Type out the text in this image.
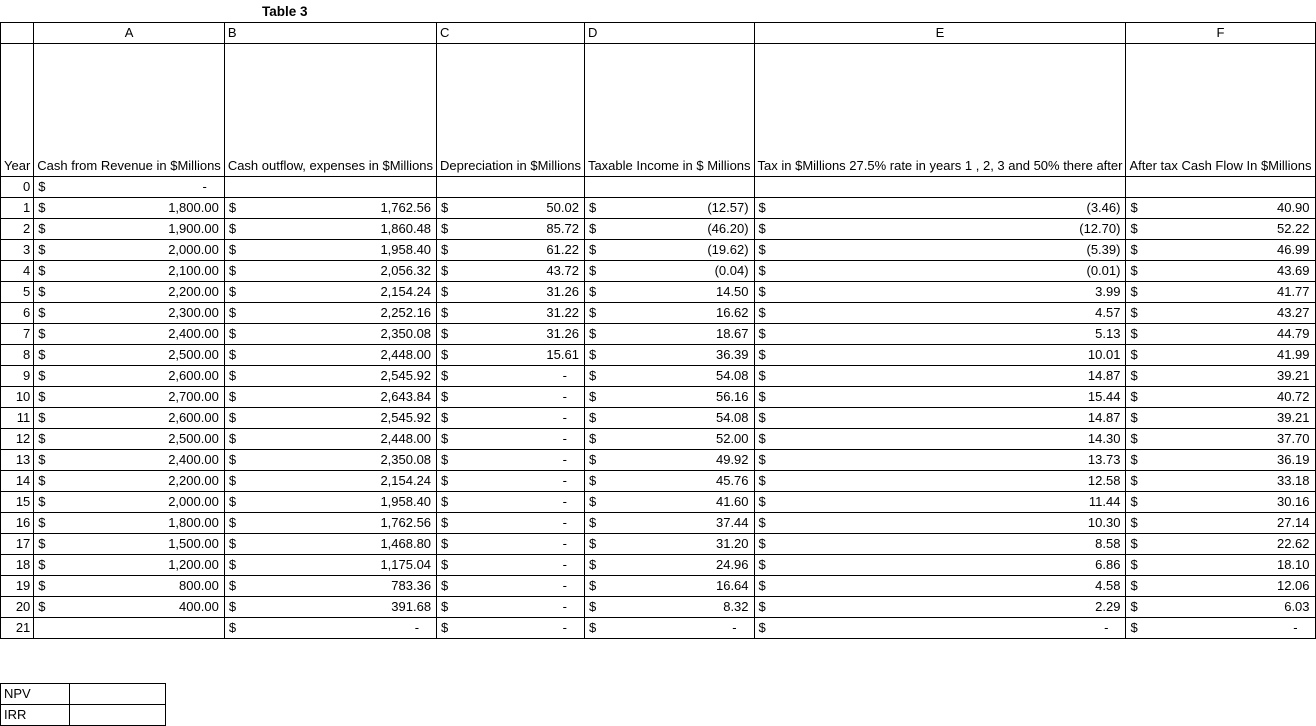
Table 3
	A	B	C	D	E	F
Year	Cash from Revenue in $Millions	Cash outflow, expenses in $Millions	Depreciation in $Millions	Taxable Income in $ Millions	Tax in $Millions 27.5% rate in years 1 , 2, 3 and 50% there after	After tax Cash Flow In $Millions
0	$ -					

1	$ 1,800.00	$ 1,762.56	$ 50.02	$ (12.57)	$ (3.46)	$ 40.90

2	$ 1,900.00	$ 1,860.48	$ 85.72	$ (46.20)	$ (12.70)	$ 52.22

3	$ 2,000.00	$ 1,958.40	$ 61.22	$ (19.62)	$ (5.39)	$ 46.99

4	$ 2,100.00	$ 2,056.32	$ 43.72	$ (0.04)	$ (0.01)	$ 43.69

5	$ 2,200.00	$ 2,154.24	$ 31.26	$ 14.50	$ 3.99	$ 41.77

6	$ 2,300.00	$ 2,252.16	$ 31.22	$ 16.62	$ 4.57	$ 43.27

7	$ 2,400.00	$ 2,350.08	$ 31.26	$ 18.67	$ 5.13	$ 44.79

8	$ 2,500.00	$ 2,448.00	$ 15.61	$ 36.39	$ 10.01	$ 41.99

9	$ 2,600.00	$ 2,545.92	$ -	$ 54.08	$ 14.87	$ 39.21

10	$ 2,700.00	$ 2,643.84	$ -	$ 56.16	$ 15.44	$ 40.72

11	$ 2,600.00	$ 2,545.92	$ -	$ 54.08	$ 14.87	$ 39.21

12	$ 2,500.00	$ 2,448.00	$ -	$ 52.00	$ 14.30	$ 37.70

13	$ 2,400.00	$ 2,350.08	$ -	$ 49.92	$ 13.73	$ 36.19

14	$ 2,200.00	$ 2,154.24	$ -	$ 45.76	$ 12.58	$ 33.18

15	$ 2,000.00	$ 1,958.40	$ -	$ 41.60	$ 11.44	$ 30.16

16	$ 1,800.00	$ 1,762.56	$ -	$ 37.44	$ 10.30	$ 27.14

17	$ 1,500.00	$ 1,468.80	$ -	$ 31.20	$ 8.58	$ 22.62

18	$ 1,200.00	$ 1,175.04	$ -	$ 24.96	$ 6.86	$ 18.10

19	$ 800.00	$ 783.36	$ -	$ 16.64	$ 4.58	$ 12.06

20	$ 400.00	$ 391.68	$ -	$ 8.32	$ 2.29	$ 6.03

21		$ -	$ -	$ -	$ -	$ -
NPV	
IRR	
